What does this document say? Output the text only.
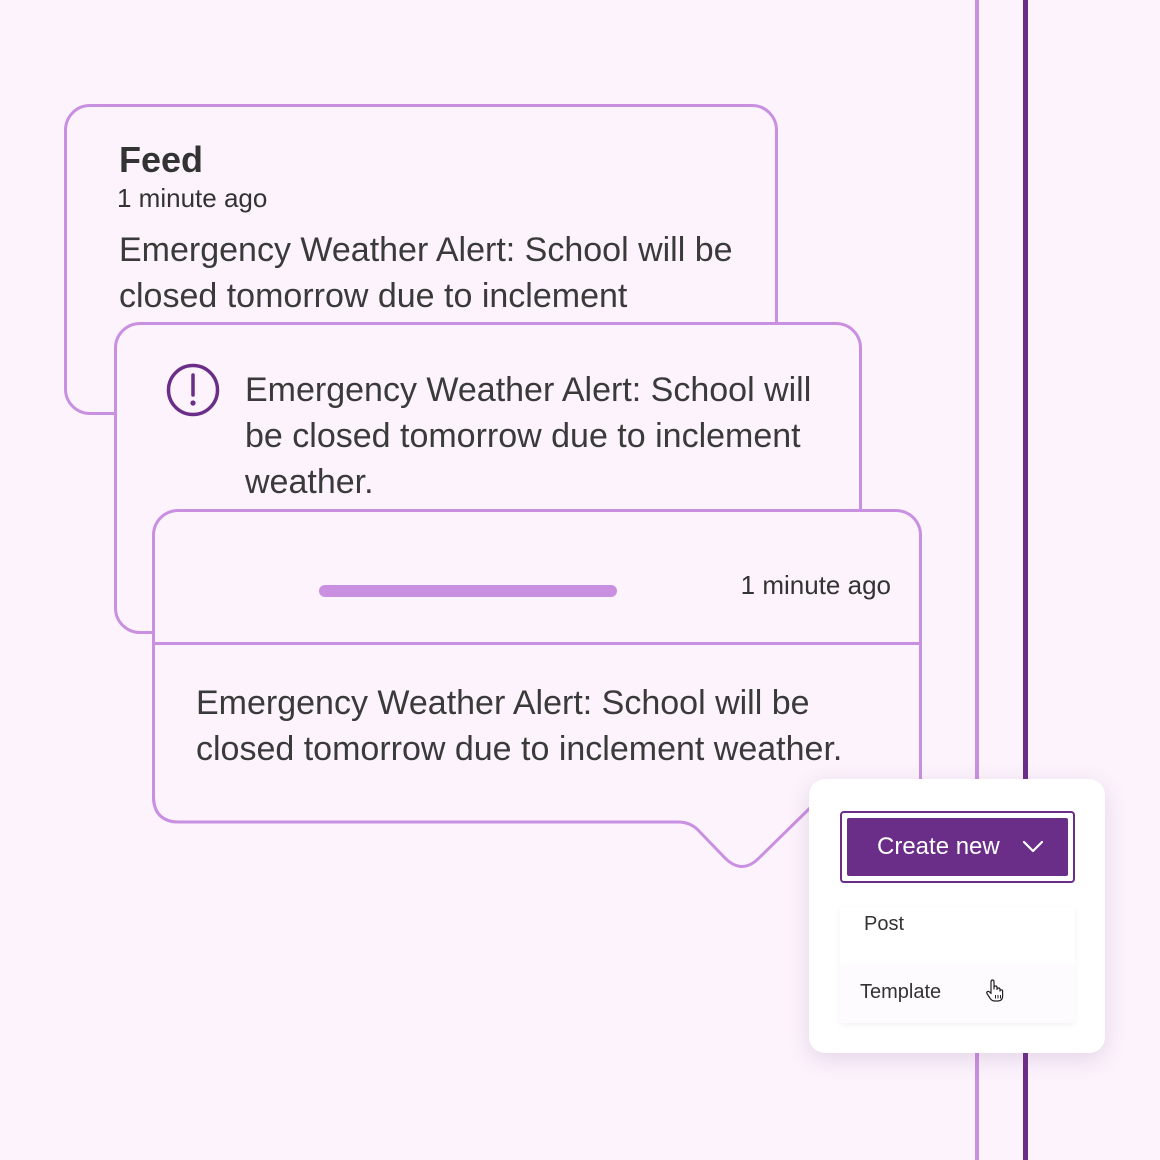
Feed
1 minute ago
Emergency Weather Alert: School will be closed tomorrow due to inclement
Emergency Weather Alert: School will be closed tomorrow due to inclement weather.
1 minute ago
Emergency Weather Alert: School will be closed tomorrow due to inclement weather.
Create new
Post
Template
